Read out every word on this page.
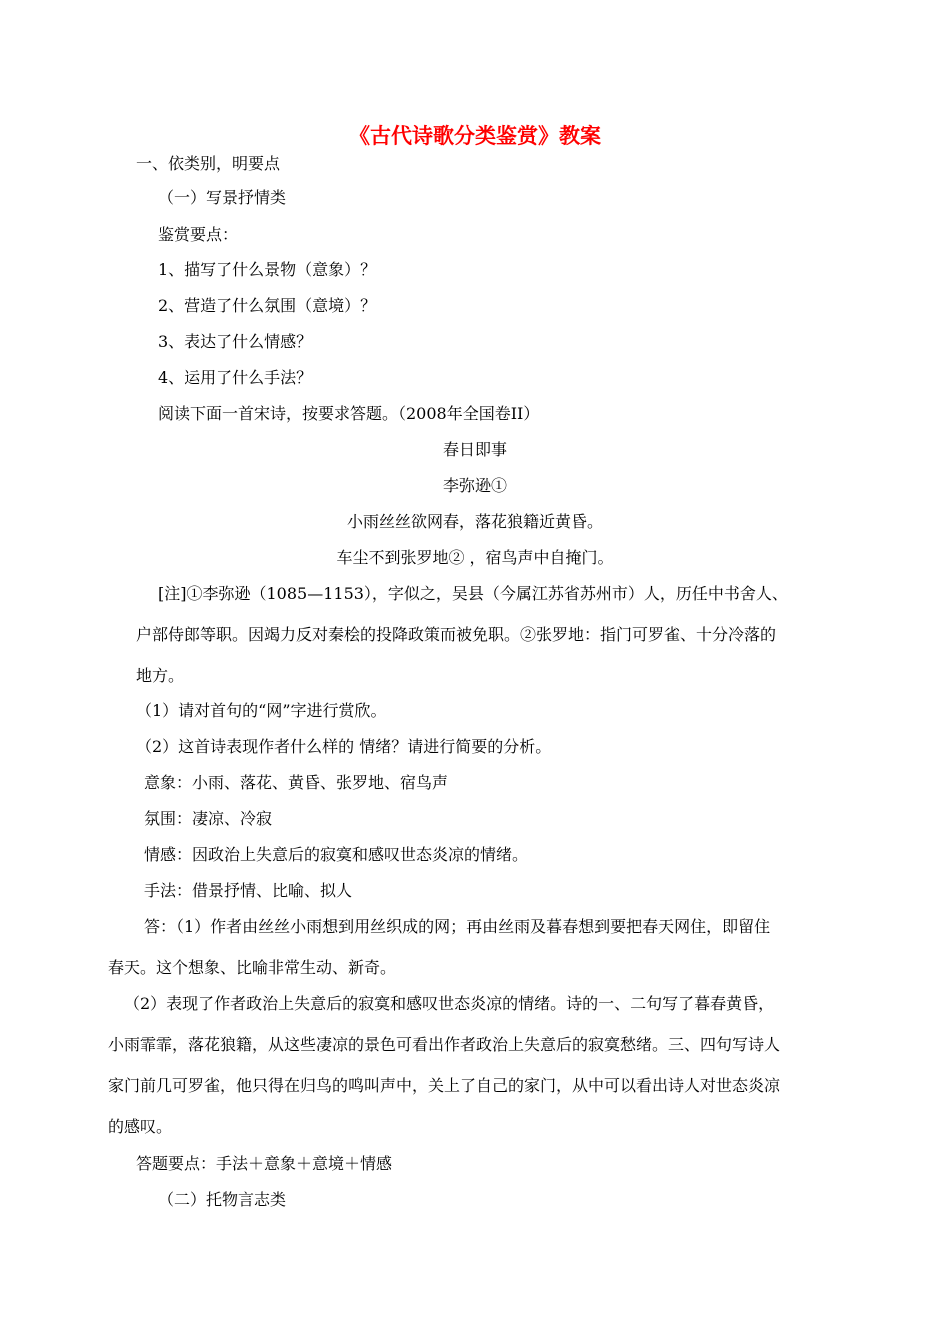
《古代诗歌分类鉴赏》教案
一、依类别，明要点
（一）写景抒情类
鉴赏要点：
1、描写了什么景物（意象）？
2、营造了什么氛围（意境）？
3、表达了什么情感？
4、运用了什么手法？
阅读下面一首宋诗，按要求答题。（2008年全国卷II）
春日即事
李弥逊①
小雨丝丝欲网春，落花狼籍近黄昏。
车尘不到张罗地② ，宿鸟声中自掩门。
[注]①李弥逊（1085—1153），字似之，吴县（今属江苏省苏州市）人，历任中书舍人、
户部侍郎等职。因竭力反对秦桧的投降政策而被免职。②张罗地：指门可罗雀、十分冷落的
地方。
（1）请对首句的“网”字进行赏欣。
（2）这首诗表现作者什么样的 情绪？请进行简要的分析。
意象：小雨、落花、黄昏、张罗地、宿鸟声
氛围：凄凉、冷寂
情感：因政治上失意后的寂寞和感叹世态炎凉的情绪。
手法：借景抒情、比喻、拟人
答：（1）作者由丝丝小雨想到用丝织成的网；再由丝雨及暮春想到要把春天网住，即留住
春天。这个想象、比喻非常生动、新奇。
（2）表现了作者政治上失意后的寂寞和感叹世态炎凉的情绪。诗的一、二句写了暮春黄昏，
小雨霏霏，落花狼籍，从这些凄凉的景色可看出作者政治上失意后的寂寞愁绪。三、四句写诗人
家门前几可罗雀，他只得在归鸟的鸣叫声中，关上了自己的家门，从中可以看出诗人对世态炎凉
的感叹。
答题要点：手法＋意象＋意境＋情感
（二）托物言志类
